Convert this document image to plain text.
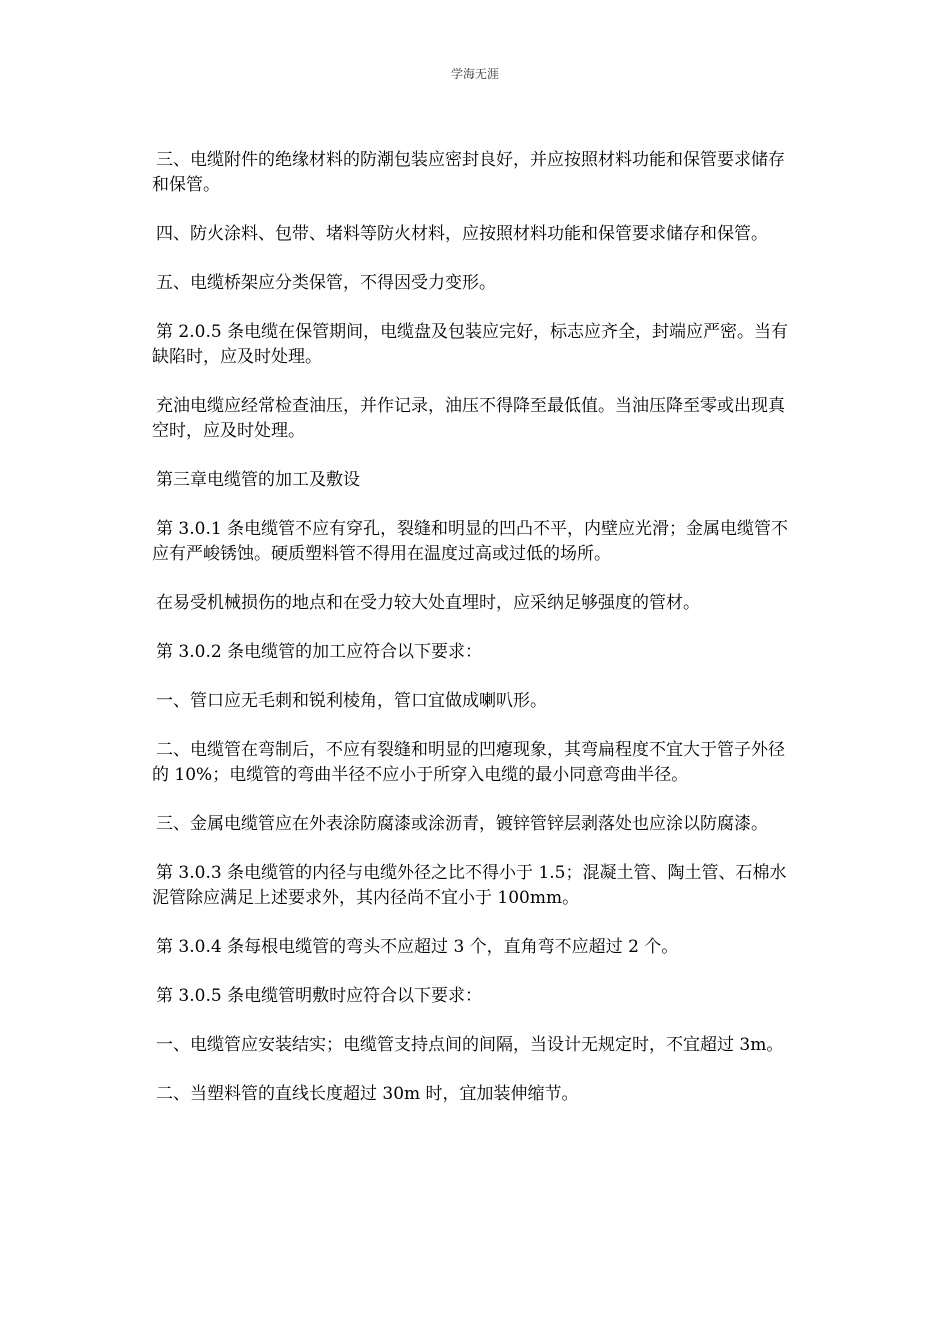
学海无涯

三、电缆附件的绝缘材料的防潮包装应密封良好，并应按照材料功能和保管要求储存和保管。

四、防火涂料、包带、堵料等防火材料，应按照材料功能和保管要求储存和保管。

五、电缆桥架应分类保管，不得因受力变形。

第 2.0.5 条电缆在保管期间，电缆盘及包装应完好，标志应齐全，封端应严密。当有缺陷时，应及时处理。

充油电缆应经常检查油压，并作记录，油压不得降至最低值。当油压降至零或出现真空时，应及时处理。

第三章电缆管的加工及敷设

第 3.0.1 条电缆管不应有穿孔，裂缝和明显的凹凸不平，内壁应光滑；金属电缆管不应有严峻锈蚀。硬质塑料管不得用在温度过高或过低的场所。

在易受机械损伤的地点和在受力较大处直埋时，应采纳足够强度的管材。

第 3.0.2 条电缆管的加工应符合以下要求：

一、管口应无毛刺和锐利棱角，管口宜做成喇叭形。

二、电缆管在弯制后，不应有裂缝和明显的凹瘪现象，其弯扁程度不宜大于管子外径的 10%；电缆管的弯曲半径不应小于所穿入电缆的最小同意弯曲半径。

三、金属电缆管应在外表涂防腐漆或涂沥青，镀锌管锌层剥落处也应涂以防腐漆。

第 3.0.3 条电缆管的内径与电缆外径之比不得小于 1.5；混凝土管、陶土管、石棉水泥管除应满足上述要求外，其内径尚不宜小于 100mm。

第 3.0.4 条每根电缆管的弯头不应超过 3 个，直角弯不应超过 2 个。

第 3.0.5 条电缆管明敷时应符合以下要求：

一、电缆管应安装结实；电缆管支持点间的间隔，当设计无规定时，不宜超过 3m。

二、当塑料管的直线长度超过 30m 时，宜加装伸缩节。
